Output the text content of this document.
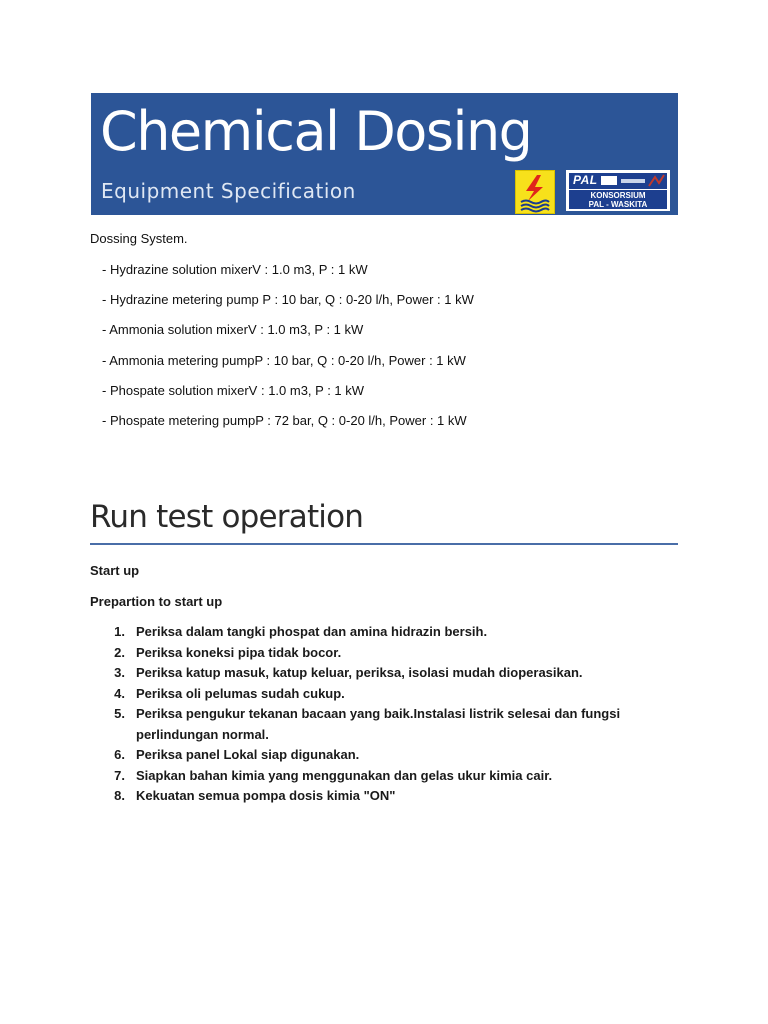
Chemical Dosing
Equipment Specification	PAL
KONSORSIUM
PAL - WASKITA
Dossing System.
- Hydrazine solution mixerV : 1.0 m3, P : 1 kW
- Hydrazine metering pump P : 10 bar, Q : 0-20 l/h, Power : 1 kW
- Ammonia solution mixerV : 1.0 m3, P : 1 kW
- Ammonia metering pumpP : 10 bar, Q : 0-20 l/h, Power : 1 kW
- Phospate solution mixerV : 1.0 m3, P : 1 kW
- Phospate metering pumpP : 72 bar, Q : 0-20 l/h, Power : 1 kW
Run test operation
Start up
Prepartion to start up
1. Periksa dalam tangki phospat dan amina hidrazin bersih.
2. Periksa koneksi pipa tidak bocor.
3. Periksa katup masuk, katup keluar, periksa, isolasi mudah dioperasikan.
4. Periksa oli pelumas sudah cukup.
5. Periksa pengukur tekanan bacaan yang baik.Instalasi listrik selesai dan fungsi
perlindungan normal.
6. Periksa panel Lokal siap digunakan.
7. Siapkan bahan kimia yang menggunakan dan gelas ukur kimia cair.
8. Kekuatan semua pompa dosis kimia "ON"
